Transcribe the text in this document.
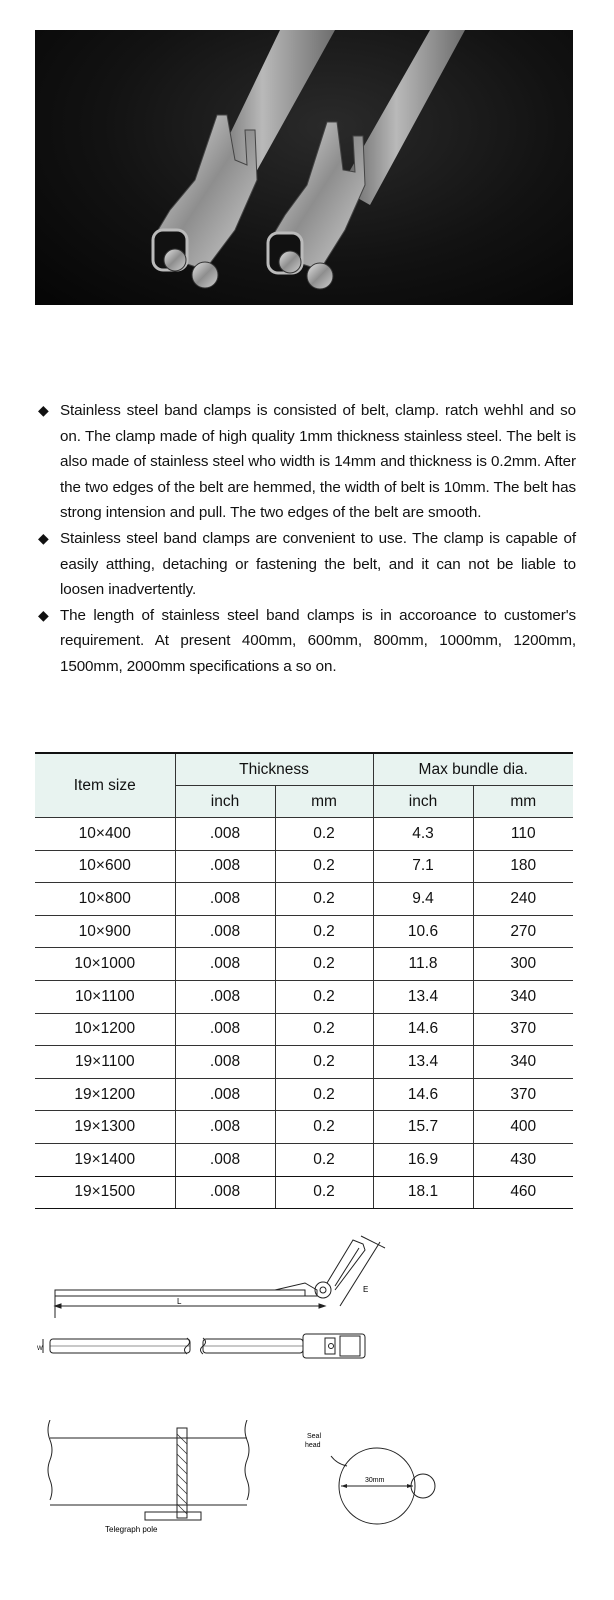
◆ Stainless steel band clamps is consisted of belt, clamp. ratch wehhl and so on. The clamp made of high quality 1mm thickness stainless steel. The belt is also made of stainless steel who width is 14mm and thickness is 0.2mm. After the two edges of the belt are hemmed, the width of belt is 10mm. The belt has strong intension and pull. The two edges of the belt are smooth.
◆ Stainless steel band clamps are convenient to use. The clamp is capable of easily atthing, detaching or fastening the belt, and it can not be liable to loosen inadvertently.
◆ The length of stainless steel band clamps is in accoroance to customer's requirement. At present 400mm, 600mm, 800mm, 1000mm, 1200mm, 1500mm, 2000mm specifications a so on.
Item size	Thickness		Max bundle dia.	
	inch	mm	inch	mm
10×400	.008	0.2	4.3	110
10×600	.008	0.2	7.1	180
10×800	.008	0.2	9.4	240
10×900	.008	0.2	10.6	270
10×1000	.008	0.2	11.8	300
10×1100	.008	0.2	13.4	340
10×1200	.008	0.2	14.6	370
19×1100	.008	0.2	13.4	340
19×1200	.008	0.2	14.6	370
19×1300	.008	0.2	15.7	400
19×1400	.008	0.2	16.9	430
19×1500	.008	0.2	18.1	460
L
E
W
Telegraph pole
Seal
head
30mm
